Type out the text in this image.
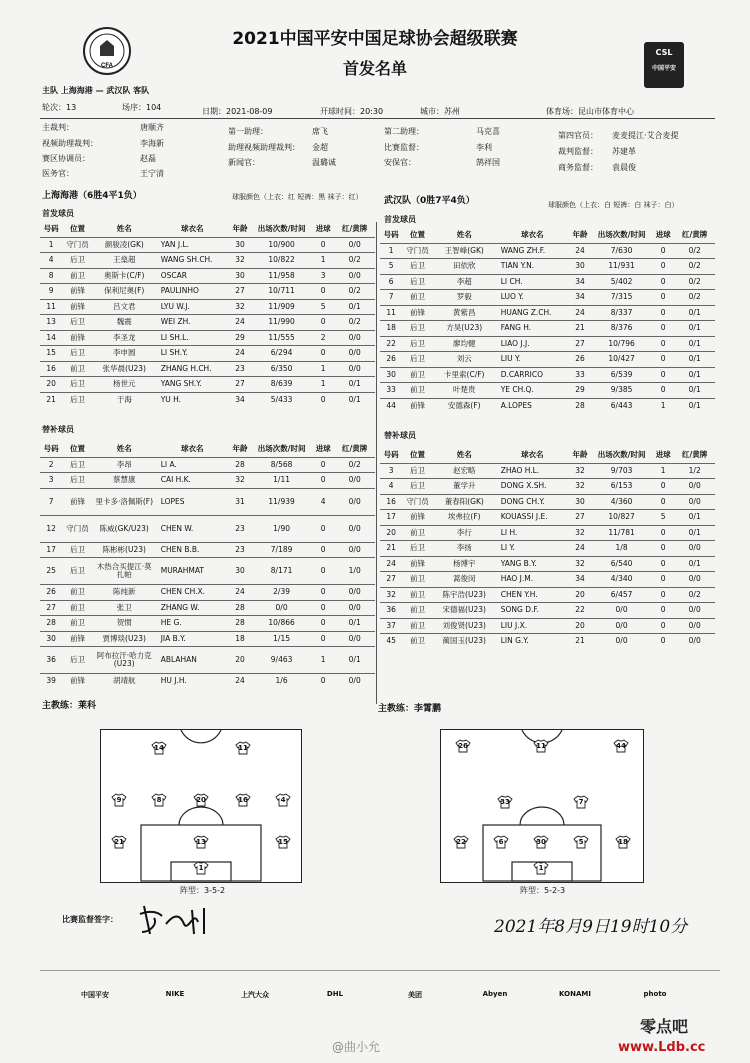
CFA
CSL
中国平安
2021中国平安中国足球协会超级联赛
首发名单
主队 上海海港 — 武汉队 客队
轮次：13	场序：104	日期：2021-08-09	开球时间：20:30	城市：苏州	体育场：昆山市体育中心
主裁判：	唐顺齐	第一助理：	席飞	第二助理：	马克喜	第四官员： 麦麦提江·艾合麦提
视频助理裁判：	李海新	助理视频助理裁判： 金超	比赛监督：	李利	裁判监督： 苏建革
赛区协调员：	赵磊	新闻官：	温璐诚	安保官：	鹄祥国
商务监督： 袁晨俊
医务官：	王宁清
上海海港（6胜4平1负）	球服颜色（上衣：红 短裤：黑 袜子：红） 武汉队（0胜7平4负）	球服颜色（上衣：白 短裤：白 袜子：白）
首发球员
首发球员
号码	位置	姓名	球衣名	年龄	出场次数/时间	进球	红/黄牌
1	守门员	颜骏凌(GK)	YAN J.L.	30	10/900	0	0/0
4	后卫	王燊超	WANG SH.CH.	32	10/822	1	0/2
8	前卫	奥斯卡(C/F)	OSCAR	30	11/958	3	0/0
9	前锋	保利尼奥(F)	PAULINHO	27	10/711	0	0/2
11	前锋	吕文君	LYU W.J.	32	11/909	5	0/1
13	后卫	魏震	WEI ZH.	24	11/990	0	0/2
14	前锋	李圣龙	LI SH.L.	29	11/555	2	0/0
15	后卫	李申圆	LI SH.Y.	24	6/294	0	0/0
16	前卫	张华晨(U23)	ZHANG H.CH.	23	6/350	1	0/0
20	后卫	杨世元	YANG SH.Y.	27	8/639	1	0/1
21	后卫	于海	YU H.	34	5/433	0	0/1
号码	位置	姓名	球衣名	年龄	出场次数/时间	进球	红/黄牌
1	守门员	王智峰(GK)	WANG ZH.F.	24	7/630	0	0/2
5	后卫	田依欣	TIAN Y.N.	30	11/931	0	0/2
6	后卫	李超	LI CH.	34	5/402	0	0/2
7	前卫	罗毅	LUO Y.	34	7/315	0	0/2
11	前锋	黄紫昌	HUANG Z.CH.	24	8/337	0	0/1
18	后卫	方昊(U23)	FANG H.	21	8/376	0	0/1
22	后卫	廖均健	LIAO J.J.	27	10/796	0	0/1
26	后卫	刘云	LIU Y.	26	10/427	0	0/1
30	前卫	卡里索(C/F)	D.CARRICO	33	6/539	0	0/1
33	前卫	叶楚贵	YE CH.Q.	29	9/385	0	0/1
44	前锋	安德森(F)	A.LOPES	28	6/443	1	0/1
替补球员
替补球员
号码	位置	姓名	球衣名	年龄	出场次数/时间	进球	红/黄牌
2	后卫	李昂	LI A.	28	8/568	0	0/2
3	后卫	蔡慧康	CAI H.K.	32	1/11	0	0/0
7	前锋	里卡多·洛佩斯(F)	LOPES	31	11/939	4	0/0
12	守门员	陈威(GK/U23)	CHEN W.	23	1/90	0	0/0
17	后卫	陈彬彬(U23)	CHEN B.B.	23	7/189	0	0/0
25	后卫	木热合买提江·莫扎帕	MURAHMAT	30	8/171	0	1/0
26	前卫	陈纯新	CHEN CH.X.	24	2/39	0	0/0
27	前卫	张卫	ZHANG W.	28	0/0	0	0/0
28	前卫	贺惯	HE G.	28	10/866	0	0/1
30	前锋	贾博琰(U23)	JIA B.Y.	18	1/15	0	0/0
36	后卫	阿布拉汗·哈力克(U23)	ABLAHAN	20	9/463	1	0/1
39	前锋	胡靖航	HU J.H.	24	1/6	0	0/0
号码	位置	姓名	球衣名	年龄	出场次数/时间	进球	红/黄牌
3	后卫	赵宏略	ZHAO H.L.	32	9/703	1	1/2
4	后卫	董学升	DONG X.SH.	32	6/153	0	0/0
16	守门员	董春阳(GK)	DONG CH.Y.	30	4/360	0	0/0
17	前锋	埃弗拉(F)	KOUASSI J.E.	27	10/827	5	0/1
20	前卫	李行	LI H.	32	11/781	0	0/1
21	后卫	李扬	LI Y.	24	1/8	0	0/0
24	前锋	杨博宇	YANG B.Y.	32	6/540	0	0/1
27	前卫	蒿俊闵	HAO J.M.	34	4/340	0	0/0
32	前卫	陈宇浩(U23)	CHEN Y.H.	20	6/457	0	0/2
36	前卫	宋德福(U23)	SONG D.F.	22	0/0	0	0/0
37	前卫	刘俊贤(U23)	LIU J.X.	20	0/0	0	0/0
45	前卫	蔺国玉(U23)	LIN G.Y.	21	0/0	0	0/0
主教练：莱科	主教练：李霄鹏
14	11
9	8	20	16	4
21	13	15
1
阵型：3-5-2
26	11	44
33	7
22	6	30	5	18
1
阵型：5-2-3
比赛监督签字：	2021年8月9日19时10分
中国平安	NIKE	上汽大众	DHL	美团	Abyen	KONAMI	photo
@曲小允
零点吧
www.Ldb.cc
